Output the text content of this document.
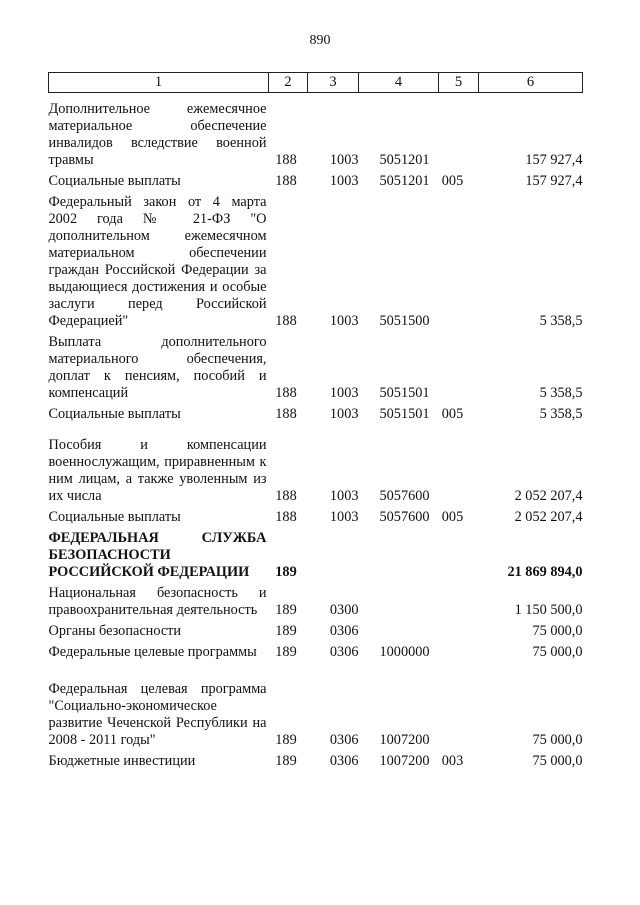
890
1	2	3	4	5	6
Дополнительное ежемесячное материальное обеспечение инвалидов вследствие военной травмы	188	1003	5051201		157 927,4
Социальные выплаты	188	1003	5051201	005	157 927,4
Федеральный закон от 4 марта 2002 года № 21-ФЗ "О дополнительном ежемесячном материальном обеспечении граждан Российской Федерации за выдающиеся достижения и особые заслуги перед Российской Федерацией"	188	1003	5051500		5 358,5
Выплата дополнительного материального обеспечения, доплат к пенсиям, пособий и компенсаций	188	1003	5051501		5 358,5
Социальные выплаты	188	1003	5051501	005	5 358,5
Пособия и компенсации военнослужащим, приравненным к ним лицам, а также уволенным из их числа	188	1003	5057600		2 052 207,4
Социальные выплаты	188	1003	5057600	005	2 052 207,4
ФЕДЕРАЛЬНАЯ СЛУЖБА БЕЗОПАСНОСТИ РОССИЙСКОЙ ФЕДЕРАЦИИ	189				21 869 894,0
Национальная безопасность и правоохранительная деятельность	189	0300			1 150 500,0
Органы безопасности	189	0306			75 000,0
Федеральные целевые программы	189	0306	1000000		75 000,0
Федеральная целевая программа "Социально-экономическое развитие Чеченской Республики на 2008 - 2011 годы"	189	0306	1007200		75 000,0
Бюджетные инвестиции	189	0306	1007200	003	75 000,0
